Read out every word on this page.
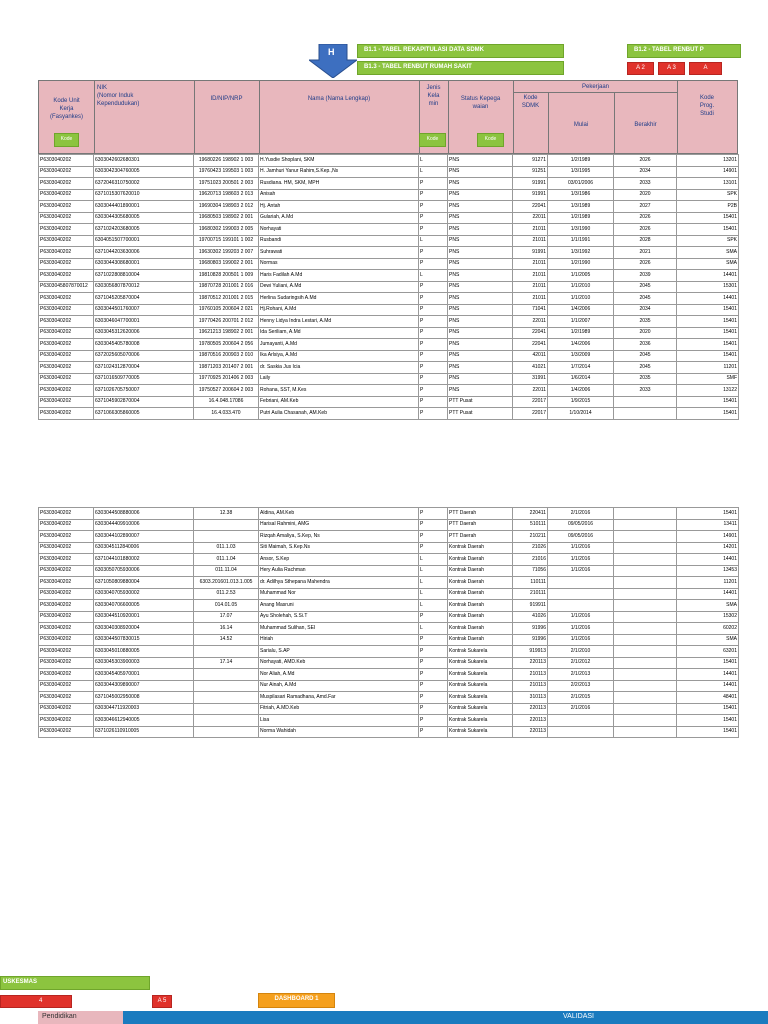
H	B1.1 - TABEL REKAPITULASI DATA SDMK	B1.2 - TABEL RENBUT P
B1.3 - TABEL RENBUT RUMAH SAKIT	A 2	A 3	A
Kode Unit
Kerja
(Fasyankes)
NIK
(Nomor Induk
Kependudukan)
ID/NIP/NRP	Nama (Nama Lengkap)
Jenis
Kela
min
Status Kepega
waian
Pekerjaan
Kode
SDMK
Mulai	Berakhir
Kode
Prog.
Studi
Kode	Kode	Kode
P6303040202	6303042602680301	19680226 198902 1 003	H.Yusdie Shoplani, SKM	L	PNS	91271	1/2/1989	2026	13201
P6303040202	6303042304760005	19760423 199503 1 003	H. Jamhuri Yanur Rahim,S.Kep.,Ns	L	PNS	91251	1/3/1995	2034	14901
P6303040202	6372046310750002	19751023 200501 2 003	Rusdiana. HM, SKM, MPH	P	PNS	91991	03/01/2006	2033	13101
P6303040202	6371015307620010	19620713 198603 2 013	Anisah	P	PNS	91991	1/3/1986	2020	SPK
P6303040202	6303044401890001	19690304 198903 2 012	Hj. Antah	P	PNS	22041	1/3/1989	2027	P2B
P6303040202	6303044305680005	19680503 198902 2 001	Gulariah, A.Md	P	PNS	22011	1/2/1989	2026	15401
P6303040202	6371024203680005	19680302 199003 2 005	Norhayati	P	PNS	21011	1/3/1990	2026	15401
P6303040202	6304051507700001	19700715 199101 1 002	Rusbandi	L	PNS	21011	1/1/1991	2028	SPK
P6303040202	6371044203630006	19630302 199203 2 007	Suhrawati	P	PNS	91991	1/3/1992	2021	SMA
P6303040202	6303044308680001	19680803 199002 2 001	Normas	P	PNS	21011	1/2/1990	2026	SMA
P6303040202	6371022808810004	19810828 200501 1 009	Haris Fadilah A.Md	L	PNS	21011	1/1/2005	2039	14401
P6303045807870012	6303056807870012	19870728 201001 2 016	Dewi Yuliani, A.Md	P	PNS	21011	1/1/2010	2045	15301
P6303040202	6371045205870004	19870512 201001 2 015	Herlina Sudaringsih A.Md	P	PNS	21011	1/1/2010	2045	14401
P6303040202	6303044501760007	19760105 200604 2 021	Hj.Rohani, A.Md	P	PNS	71041	1/4/2006	2034	15401
P6303040202	6303046047700001	19770426 200701 2 012	Henny Lidya Indra Lestari, A.Md	P	PNS	22011	1/1/2007	2035	15401
P6303040202	6303045312620006	19621213 198902 2 001	Ida Seriliam, A.Md	P	PNS	22041	1/2/1989	2020	15401
P6303040202	6303045405780008	19780505 200604 2 056	Jumayanti, A.Md	P	PNS	22041	1/4/2006	2036	15401
P6303040202	6372025605070006	19870516 200903 2 010	Ika Arlsiya, A.Md	P	PNS	42011	1/3/2009	2045	15401
P6303040202	6371024312870004	19871203 201407 2 001	dr. Saskia Jus Icia	P	PNS	41021	1/7/2014	2045	11201
P6303040202	6371016509770005	19770925 201406 2 003	Laily	P	PNS	31991	1/6/2014	2035	SMF
P6303040202	6371026705750007	19750527 200604 2 003	Rohana, SST, M.Kes	P	PNS	22011	1/4/2006	2033	13122
P6303040202	6371045902870004	16.4.048.17086	Febriani, AM.Keb	P	PTT Pusat	22017	1/9/2015		15401
P6303040202	6371066305860005	16.4.033.470	Putri Aulia Chasanah, AM.Keb	P	PTT Pusat	22017	1/10/2014		15401
P6303040202	6303044508880006	12.38	Aldina, AM.Keb	P	PTT Daerah	220411	2/1/2016		15401
P6303040202	6303044409910006		Harisal Rahmini, AMG	P	PTT Daerah	510111	09/05/2016		13411
P6303040202	6303044102890007		Rizqah Amaliya, S.Kep, Ns	P	PTT Daerah	210211	09/05/2016		14901
P6303040202	6303045112840006	011.1.03	Siti Maimah, S.Kep.Ns	P	Kontrak Daerah	21026	1/1/2016		14201
P6303040202	6371044101880002	011.1.04	Ansor, S.Kep	L	Kontrak Daerah	21016	1/1/2016		14401
P6303040202	6303050705930006	011.11.04	Hery Aulia Rachman	L	Kontrak Daerah	71056	1/1/2016		13453
P6303040202	6371050809880004	6303.201601.013.1.005	dr. Adilhya Sthepana Mahendra	L	Kontrak Daerah	110111			11201
P6303040202	6303040705930002	011.2.53	Muhammad Nor	L	Kontrak Daerah	210111			14401
P6303040202	6303040706600005	014.01.05	Anang Masruni	L	Kontrak Daerah	919911			SMA
P6303040202	6303044510920001	17.07	Ayu Sholehah, S.Si.T	P	Kontrak Daerah	41026	1/1/2016		15302
P6303040202	6303040308920004	16.14	Muhammad Sulihan, SEI	L	Kontrak Daerah	91996	1/1/2016		60202
P6303040202	6303044507830015	14.52	Hiriah	P	Kontrak Daerah	91996	1/1/2016		SMA
P6303040202	6303045010880005		Sarialu, S.AP	P	Kontrak Sukarela	919913	2/1/2010		63201
P6303040202	6303045303900003	17.14	Norhayati, AMD.Keb	P	Kontrak Sukarela	220113	2/1/2012		15401
P6303040202	6303045405970001		Nor Aliah, A.Md	P	Kontrak Sukarela	210113	2/1/2013		14401
P6303040202	6303044309890007		Nur Ainah, A.Md	P	Kontrak Sukarela	210113	2/2/2013		14401
P6303040202	6371045002950008		Muspilasari Ramadhana, Amd.Far	P	Kontrak Sukarela	310113	2/1/2015		48401
P6303040202	6303044711920003		Fitriah, A.MD.Keb	P	Kontrak Sukarela	220113	2/1/2016		15401
P6303040202	6303046612940005		Lisa	P	Kontrak Sukarela	220113			15401
P6303040202	6371026110910005		Norma Wahidah	P	Kontrak Sukarela	220113			15401
USKESMAS
4	A 5	DASHBOARD 1
Pendidikan	VALIDASI
